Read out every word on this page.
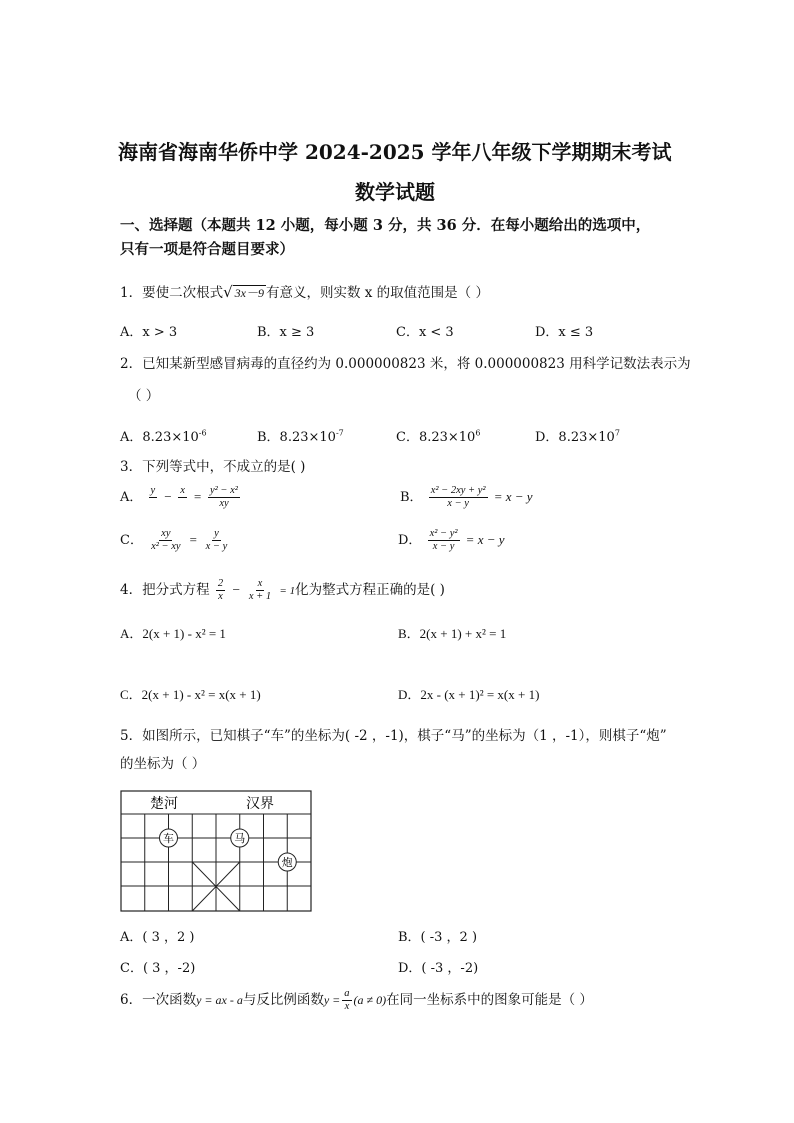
海南省海南华侨中学 2024-2025 学年八年级下学期期末考试
数学试题
一、选择题（本题共 12 小题，每小题 3 分，共 36 分．在每小题给出的选项中，
只有一项是符合题目要求）
1．要使二次根式√ 3x－9 有意义，则实数 x 的取值范围是（ ）
A．x > 3	B．x ≥ 3	C．x < 3	D．x ≤ 3
2．已知某新型感冒病毒的直径约为 0.000000823 米，将 0.000000823 用科学记数法表示为
（ ）
A．$8.23\times 10^{-6}$	B．$8.23\times 10^{-7}$	C．$8.23\times 10^6$	D．$8.23\times 10^7$
3．下列等式中，不成立的是( )
A． y
− x
= $\frac{\text{y² − x²}}{xy}$	B． $\frac{\text{x² − 2xy + y²}}{x - y} = x - y$
C． $\frac{xy}{\text{x² − xy}} = \frac{y}{x - y}$	D． $\frac{\text{x² − y²}}{x - y} = x - y$
4．把分式方程 $\frac{2}{x} - \frac{x}{x + 1} = 1$化为整式方程正确的是( )
A．2(x + 1) - x² = 1	B．2(x + 1) + x² = 1
C．2(x + 1) - x² = x(x + 1)	D．2x - (x + 1)² = x(x + 1)
5．如图所示，已知棋子“车”的坐标为( -2 ，-1)，棋子“马”的坐标为（1 ，-1），则棋子“炮”
的坐标为（ ）
楚河	汉界
车	马
炮
A．( 3 ，2 )	B．( -3 ，2 )
C．( 3 ，-2)	D．( -3 ，-2)
6．一次函数y = ax - a与反比例函数$y = \frac{a}{x} (a \ne 0)$在同一坐标系中的图象可能是（ ）
